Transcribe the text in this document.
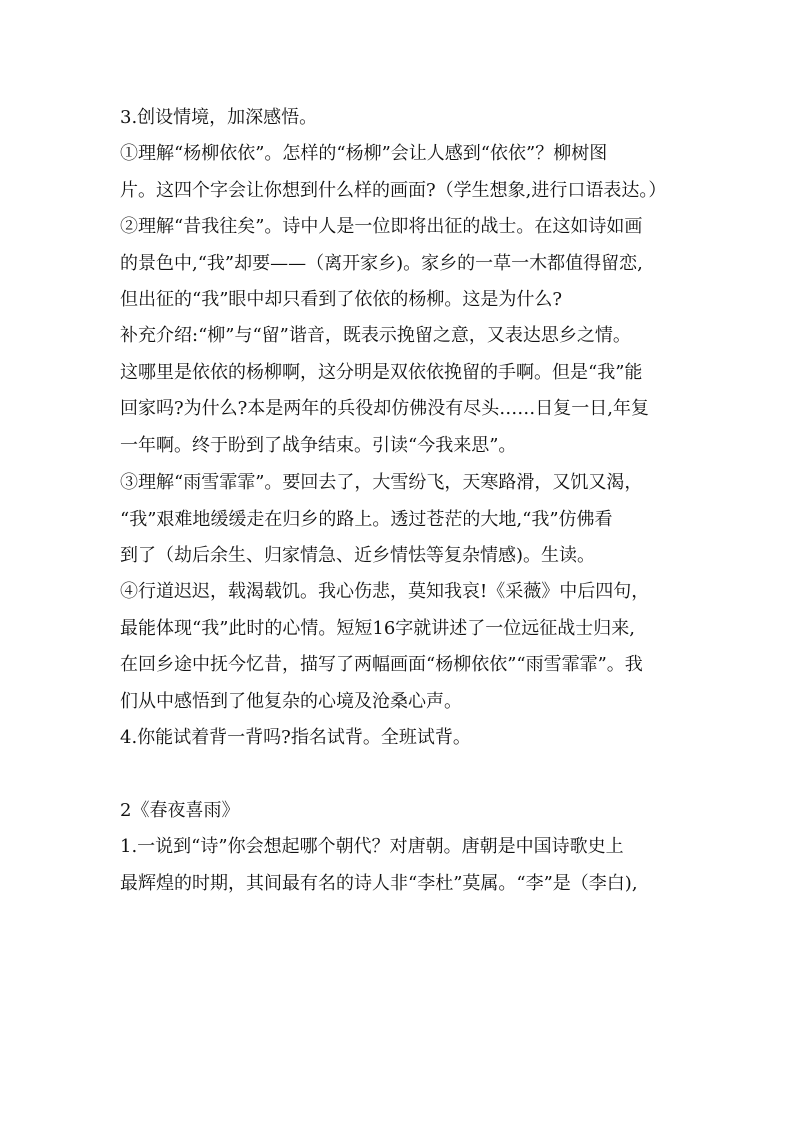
3.创设情境，加深感悟。
①理解“杨柳依依”。怎样的“杨柳”会让人感到“依依”？柳树图
片。这四个字会让你想到什么样的画面?（学生想象,进行口语表达。）
②理解“昔我往矣”。诗中人是一位即将出征的战士。在这如诗如画
的景色中,“我”却要——（离开家乡)。家乡的一草一木都值得留恋,
但出征的“我”眼中却只看到了依依的杨柳。这是为什么?
补充介绍:“柳”与“留”谐音，既表示挽留之意，又表达思乡之情。
这哪里是依依的杨柳啊，这分明是双依依挽留的手啊。但是“我”能
回家吗?为什么?本是两年的兵役却仿佛没有尽头……日复一日,年复
一年啊。终于盼到了战争结束。引读“今我来思”。
③理解“雨雪霏霏”。要回去了，大雪纷飞，天寒路滑，又饥又渴，
“我”艰难地缓缓走在归乡的路上。透过苍茫的大地,“我”仿佛看
到了（劫后余生、归家情急、近乡情怯等复杂情感)。生读。
④行道迟迟，载渴载饥。我心伤悲，莫知我哀!《采薇》中后四句，
最能体现“我”此时的心情。短短16字就讲述了一位远征战士归来,
在回乡途中抚今忆昔，描写了两幅画面“杨柳依依”“雨雪霏霏”。我
们从中感悟到了他复杂的心境及沧桑心声。
4.你能试着背一背吗?指名试背。全班试背。
2《春夜喜雨》
1.一说到“诗”你会想起哪个朝代？对唐朝。唐朝是中国诗歌史上
最辉煌的时期，其间最有名的诗人非“李杜”莫属。“李”是（李白),
